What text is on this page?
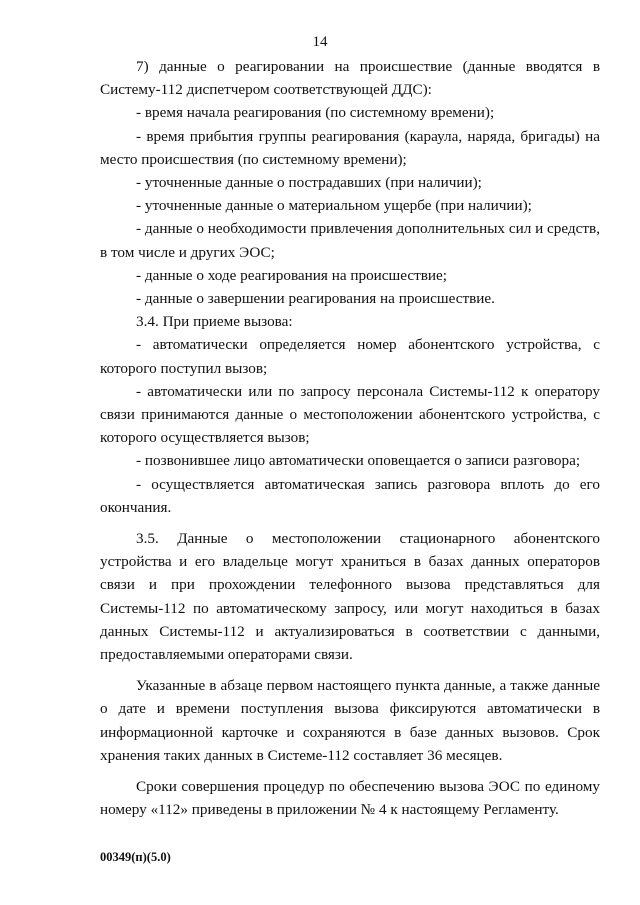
14

7) данные о реагировании на происшествие (данные вводятся в Систему-112 диспетчером соответствующей ДДС):

- время начала реагирования (по системному времени);

- время прибытия группы реагирования (караула, наряда, бригады) на место происшествия (по системному времени);

- уточненные данные о пострадавших (при наличии);

- уточненные данные о материальном ущербе (при наличии);

- данные о необходимости привлечения дополнительных сил и средств, в том числе и других ЭОС;

- данные о ходе реагирования на происшествие;

- данные о завершении реагирования на происшествие.

3.4. При приеме вызова:

- автоматически определяется номер абонентского устройства, с которого поступил вызов;

- автоматически или по запросу персонала Системы-112 к оператору связи принимаются данные о местоположении абонентского устройства, с которого осуществляется вызов;

- позвонившее лицо автоматически оповещается о записи разговора;

- осуществляется автоматическая запись разговора вплоть до его окончания.

3.5. Данные о местоположении стационарного абонентского устройства и его владельце могут храниться в базах данных операторов связи и при прохождении телефонного вызова представляться для Системы-112 по автоматическому запросу, или могут находиться в базах данных Системы-112 и актуализироваться в соответствии с данными, предоставляемыми операторами связи.

Указанные в абзаце первом настоящего пункта данные, а также данные о дате и времени поступления вызова фиксируются автоматически в информационной карточке и сохраняются в базе данных вызовов. Срок хранения таких данных в Системе-112 составляет 36 месяцев.

Сроки совершения процедур по обеспечению вызова ЭОС по единому номеру «112» приведены в приложении № 4 к настоящему Регламенту.

00349(п)(5.0)
